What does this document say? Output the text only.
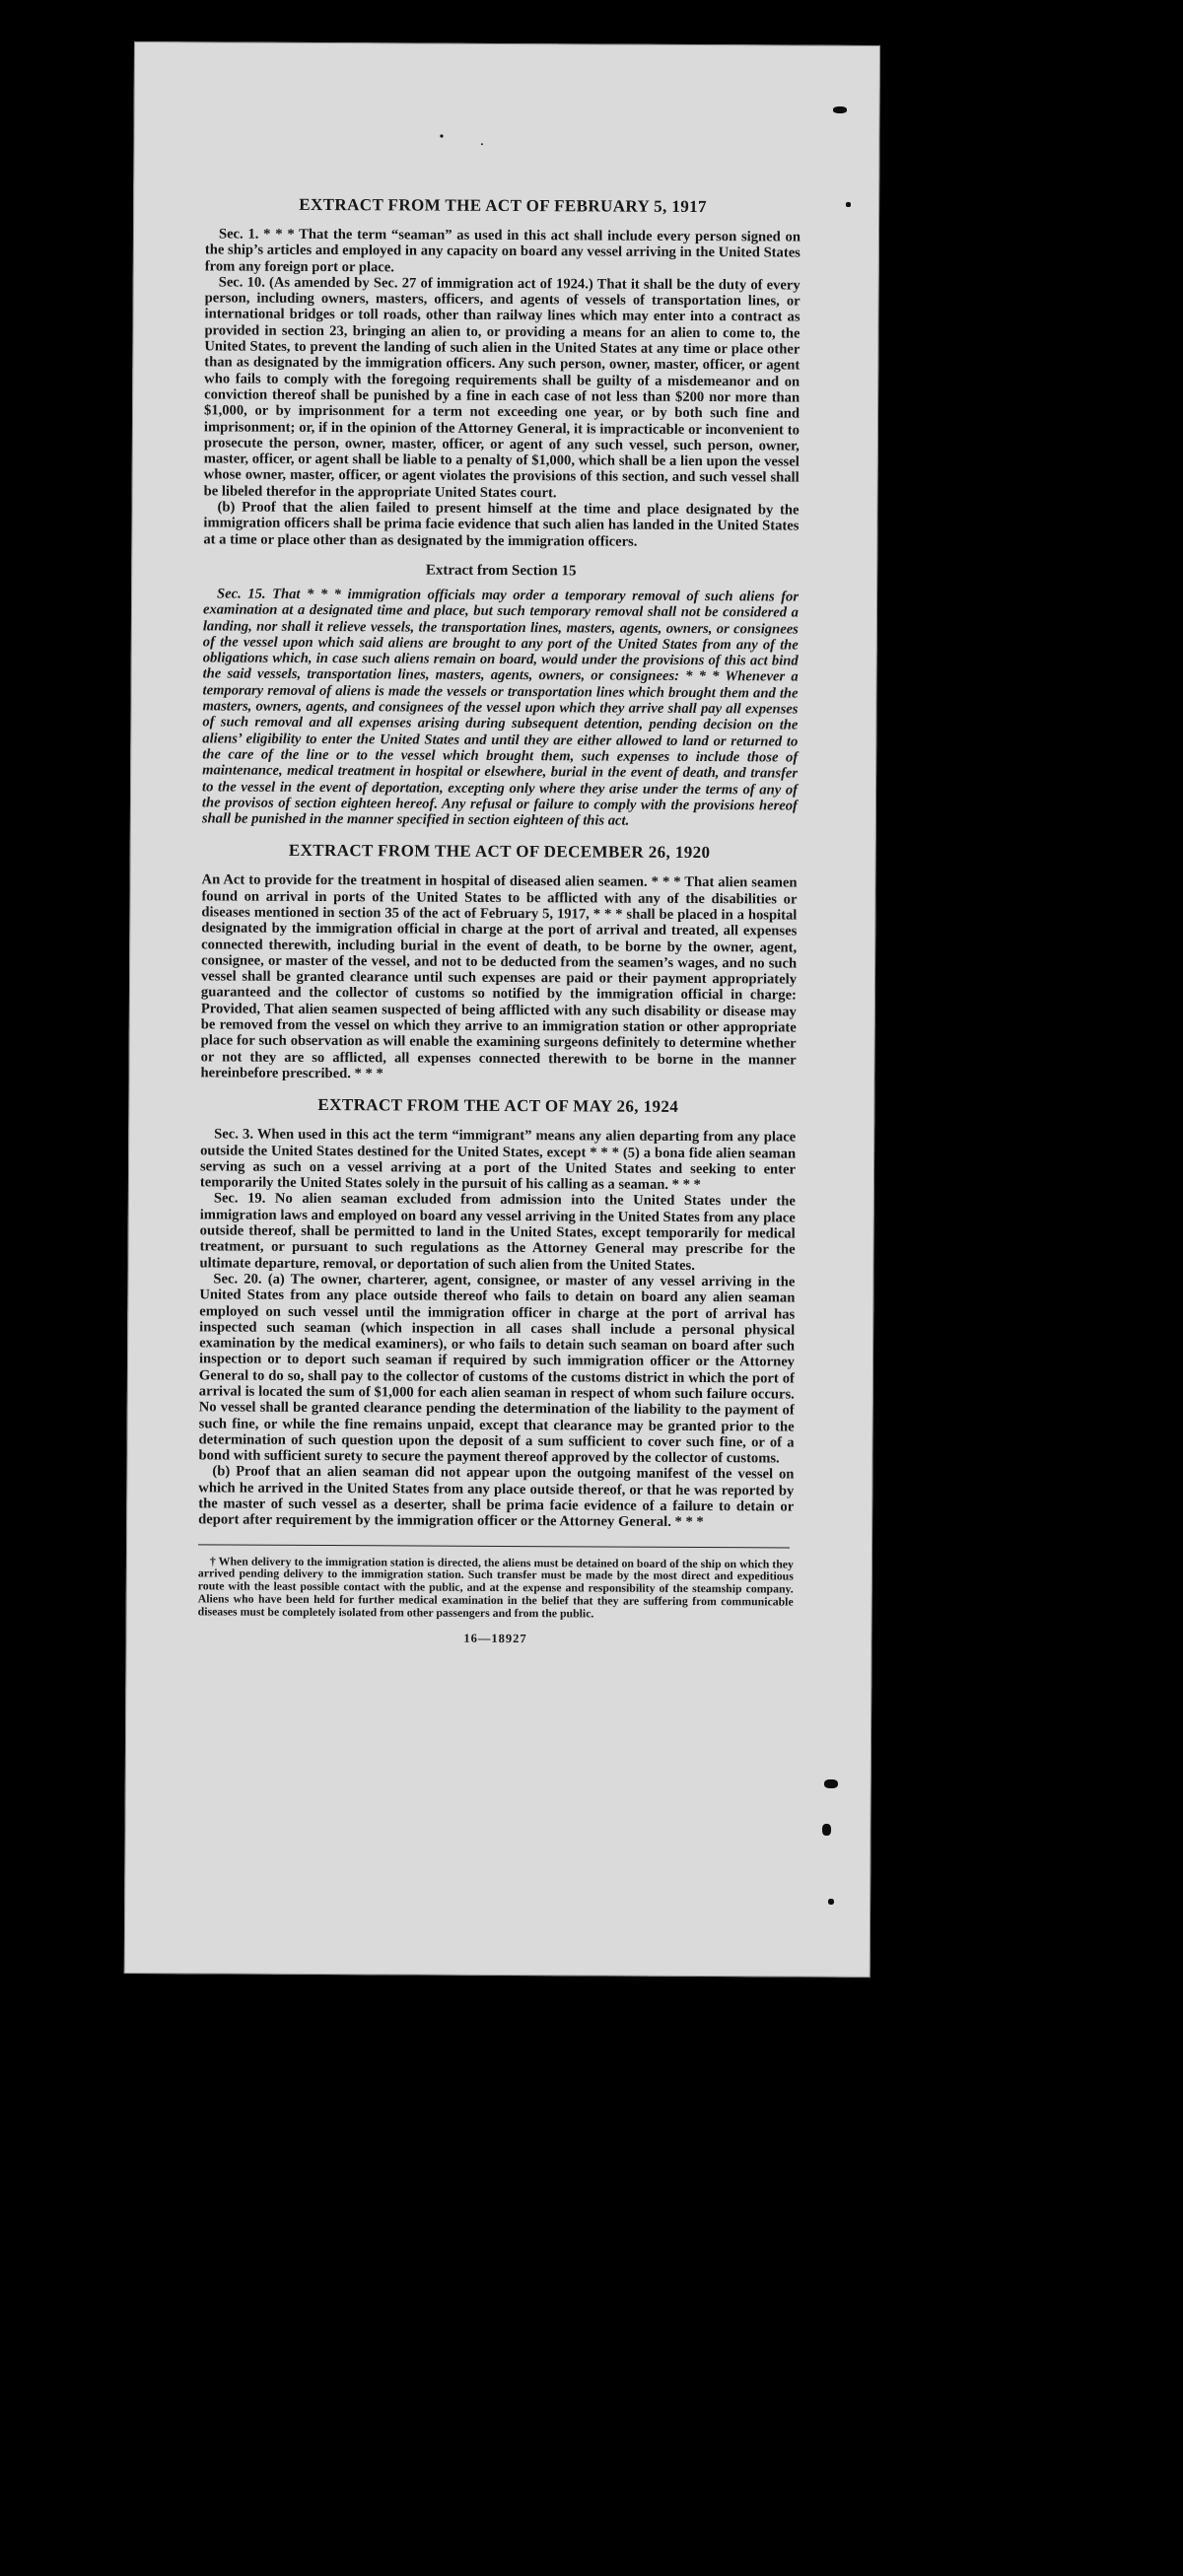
•	•
EXTRACT FROM THE ACT OF FEBRUARY 5, 1917

Sec. 1. * * * That the term “seaman” as used in this act shall include every person signed on the ship’s articles and employed in any capacity on board any vessel arriving in the United States from any foreign port or place.

Sec. 10. (As amended by Sec. 27 of immigration act of 1924.) That it shall be the duty of every person, including owners, masters, officers, and agents of vessels of transportation lines, or international bridges or toll roads, other than railway lines which may enter into a contract as provided in section 23, bringing an alien to, or providing a means for an alien to come to, the United States, to prevent the landing of such alien in the United States at any time or place other than as designated by the immigration officers. Any such person, owner, master, officer, or agent who fails to comply with the foregoing requirements shall be guilty of a misdemeanor and on conviction thereof shall be punished by a fine in each case of not less than $200 nor more than $1,000, or by imprisonment for a term not exceeding one year, or by both such fine and imprisonment; or, if in the opinion of the Attorney General, it is impracticable or inconvenient to prosecute the person, owner, master, officer, or agent of any such vessel, such person, owner, master, officer, or agent shall be liable to a penalty of $1,000, which shall be a lien upon the vessel whose owner, master, officer, or agent violates the provisions of this section, and such vessel shall be libeled therefor in the appropriate United States court.

(b) Proof that the alien failed to present himself at the time and place designated by the immigration officers shall be prima facie evidence that such alien has landed in the United States at a time or place other than as designated by the immigration officers.

Extract from Section 15

Sec. 15. That * * * immigration officials may order a temporary removal of such aliens for examination at a designated time and place, but such temporary removal shall not be considered a landing, nor shall it relieve vessels, the transportation lines, masters, agents, owners, or consignees of the vessel upon which said aliens are brought to any port of the United States from any of the obligations which, in case such aliens remain on board, would under the provisions of this act bind the said vessels, transportation lines, masters, agents, owners, or consignees: * * * Whenever a temporary removal of aliens is made the vessels or transportation lines which brought them and the masters, owners, agents, and consignees of the vessel upon which they arrive shall pay all expenses of such removal and all expenses arising during subsequent detention, pending decision on the aliens’ eligibility to enter the United States and until they are either allowed to land or returned to the care of the line or to the vessel which brought them, such expenses to include those of maintenance, medical treatment in hospital or elsewhere, burial in the event of death, and transfer to the vessel in the event of deportation, excepting only where they arise under the terms of any of the provisos of section eighteen hereof. Any refusal or failure to comply with the provisions hereof shall be punished in the manner specified in section eighteen of this act.

EXTRACT FROM THE ACT OF DECEMBER 26, 1920

An Act to provide for the treatment in hospital of diseased alien seamen. * * * That alien seamen found on arrival in ports of the United States to be afflicted with any of the disabilities or diseases mentioned in section 35 of the act of February 5, 1917, * * * shall be placed in a hospital designated by the immigration official in charge at the port of arrival and treated, all expenses connected therewith, including burial in the event of death, to be borne by the owner, agent, consignee, or master of the vessel, and not to be deducted from the seamen’s wages, and no such vessel shall be granted clearance until such expenses are paid or their payment appropriately guaranteed and the collector of customs so notified by the immigration official in charge: Provided, That alien seamen suspected of being afflicted with any such disability or disease may be removed from the vessel on which they arrive to an immigration station or other appropriate place for such observation as will enable the examining surgeons definitely to determine whether or not they are so afflicted, all expenses connected therewith to be borne in the manner hereinbefore prescribed. * * *

EXTRACT FROM THE ACT OF MAY 26, 1924

Sec. 3. When used in this act the term “immigrant” means any alien departing from any place outside the United States destined for the United States, except * * * (5) a bona fide alien seaman serving as such on a vessel arriving at a port of the United States and seeking to enter temporarily the United States solely in the pursuit of his calling as a seaman. * * *

Sec. 19. No alien seaman excluded from admission into the United States under the immigration laws and employed on board any vessel arriving in the United States from any place outside thereof, shall be permitted to land in the United States, except temporarily for medical treatment, or pursuant to such regulations as the Attorney General may prescribe for the ultimate departure, removal, or deportation of such alien from the United States.

Sec. 20. (a) The owner, charterer, agent, consignee, or master of any vessel arriving in the United States from any place outside thereof who fails to detain on board any alien seaman employed on such vessel until the immigration officer in charge at the port of arrival has inspected such seaman (which inspection in all cases shall include a personal physical examination by the medical examiners), or who fails to detain such seaman on board after such inspection or to deport such seaman if required by such immigration officer or the Attorney General to do so, shall pay to the collector of customs of the customs district in which the port of arrival is located the sum of $1,000 for each alien seaman in respect of whom such failure occurs. No vessel shall be granted clearance pending the determination of the liability to the payment of such fine, or while the fine remains unpaid, except that clearance may be granted prior to the determination of such question upon the deposit of a sum sufficient to cover such fine, or of a bond with sufficient surety to secure the payment thereof approved by the collector of customs.

(b) Proof that an alien seaman did not appear upon the outgoing manifest of the vessel on which he arrived in the United States from any place outside thereof, or that he was reported by the master of such vessel as a deserter, shall be prima facie evidence of a failure to detain or deport after requirement by the immigration officer or the Attorney General. * * *

† When delivery to the immigration station is directed, the aliens must be detained on board of the ship on which they arrived pending delivery to the immigration station. Such transfer must be made by the most direct and expeditious route with the least possible contact with the public, and at the expense and responsibility of the steamship company. Aliens who have been held for further medical examination in the belief that they are suffering from communicable diseases must be completely isolated from other passengers and from the public.

16—18927
